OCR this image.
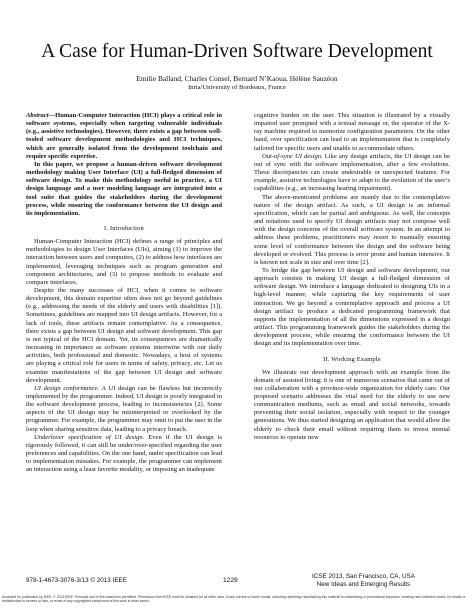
A Case for Human-Driven Software Development
Emilie Balland, Charles Consel, Bernard N’Kaoua, Hélène Sauzéon
Inria/University of Bordeaux, France

Abstract—Human-Computer Interaction (HCI) plays a critical role in software systems, especially when targeting vulnerable individuals (e.g., assistive technologies). However, there exists a gap between well-tooled software development methodologies and HCI techniques, which are generally isolated from the development toolchain and require specific expertise.

In this paper, we propose a human-driven software development methodology making User Interface (UI) a full-fledged dimension of software design. To make this methodology useful in practice, a UI design language and a user modeling language are integrated into a tool suite that guides the stakeholders during the development process, while ensuring the conformance between the UI design and its implementation.

I. Introduction

Human-Computer Interaction (HCI) defines a range of principles and methodologies to design User Interfaces (UIs), aiming (1) to improve the interaction between users and computers, (2) to address how interfaces are implemented, leveraging techniques such as program generation and component architectures, and (3) to propose methods to evaluate and compare interfaces.

Despite the many successes of HCI, when it comes to software development, this domain expertise often does not go beyond guidelines (e.g., addressing the needs of the elderly and users with disabilities [1]). Sometimes, guidelines are mapped into UI design artifacts. However, for a lack of tools, these artifacts remain contemplative. As a consequence, there exists a gap between UI design and software development. This gap is not typical of the HCI domain. Yet, its consequences are dramatically increasing in importance as software systems intertwine with our daily activities, both professional and domestic. Nowadays, a host of systems are playing a critical role for users in terms of safety, privacy, etc. Let us examine manifestations of the gap between UI design and software development.

UI design conformance. A UI design can be flawless but incorrectly implemented by the programmer. Indeed, UI design is poorly integrated in the software development process, leading to inconsistencies [2]. Some aspects of the UI design may be misinterpreted or overlooked by the programmer. For example, the programmer may omit to put the user in the loop when sharing sensitive data, leading to a privacy breach.

Underlover specification of UI design. Even if the UI design is rigorously followed, it can still be under/over-specified regarding the user preferences and capabilities. On the one hand, under specification can lead to implementation mistakes. For example, the programmer can implement an interaction using a least favorite modality, or imposing an inadequate

cognitive burden on the user. This situation is illustrated by a visually impaired user prompted with a textual message or, the operator of the X-ray machine required to memorize configuration parameters. On the other hand, over specification can lead to an implementation that is completely tailored for specific users and unable to accommodate others.

Out-of-sync UI design. Like any design artifacts, the UI design can be out of sync with the software implementation, after a few evolutions. These discrepancies can create undesirable or unexpected features. For example, assistive technologies have to adapt to the evolution of the user’s capabilities (e.g., an increasing hearing impairment).

The above-mentioned problems are mainly due to the contemplative nature of the design artifact. As such, a UI design is an informal specification, which can be partial and ambiguous. As well, the concepts and notations used to specify UI design artifacts may not compose well with the design concerns of the overall software system. In an attempt to address these problems, practitioners may resort to manually ensuring some level of conformance between the design and the software being developed or evolved. This process is error prone and human intensive. It is known not scale in size and over time [2].

To bridge the gap between UI design and software development, our approach consists in making UI design a full-fledged dimension of software design. We introduce a language dedicated to designing UIs in a high-level manner, while capturing the key requirements of user interaction. We go beyond a contemplative approach and process a UI design artifact to produce a dedicated programming framework that supports the implementation of all the dimensions expressed in a design artifact. This programming framework guides the stakeholders during the development process, while ensuring the conformance between the UI design and its implementation over time.

II. Working Example

We illustrate our development approach with an example from the domain of assisted living; it is one of numerous scenarios that came out of our collaboration with a province-wide organization for elderly care. Our proposed scenario addresses the vital need for the elderly to use new communication mediums, such as email and social networks, towards preventing their social isolation, especially with respect to the younger generations. We thus started designing an application that would allow the elderly to check their email without requiring them to invest mental resources to operate new

978-1-4673-3076-3/13 © 2013 IEEE	1229
ICSE 2013, San Francisco, CA, USA
New Ideas and Emerging Results
Accepted for publication by IEEE. © 2013 IEEE. Personal use of this material is permitted. Permission from IEEE must be obtained for all other uses, in any current or future media, including reprinting/ republishing this material for advertising or promotional purposes, creating new collective works, for resale or redistribution to servers or lists, or reuse of any copyrighted component of this work in other works.
